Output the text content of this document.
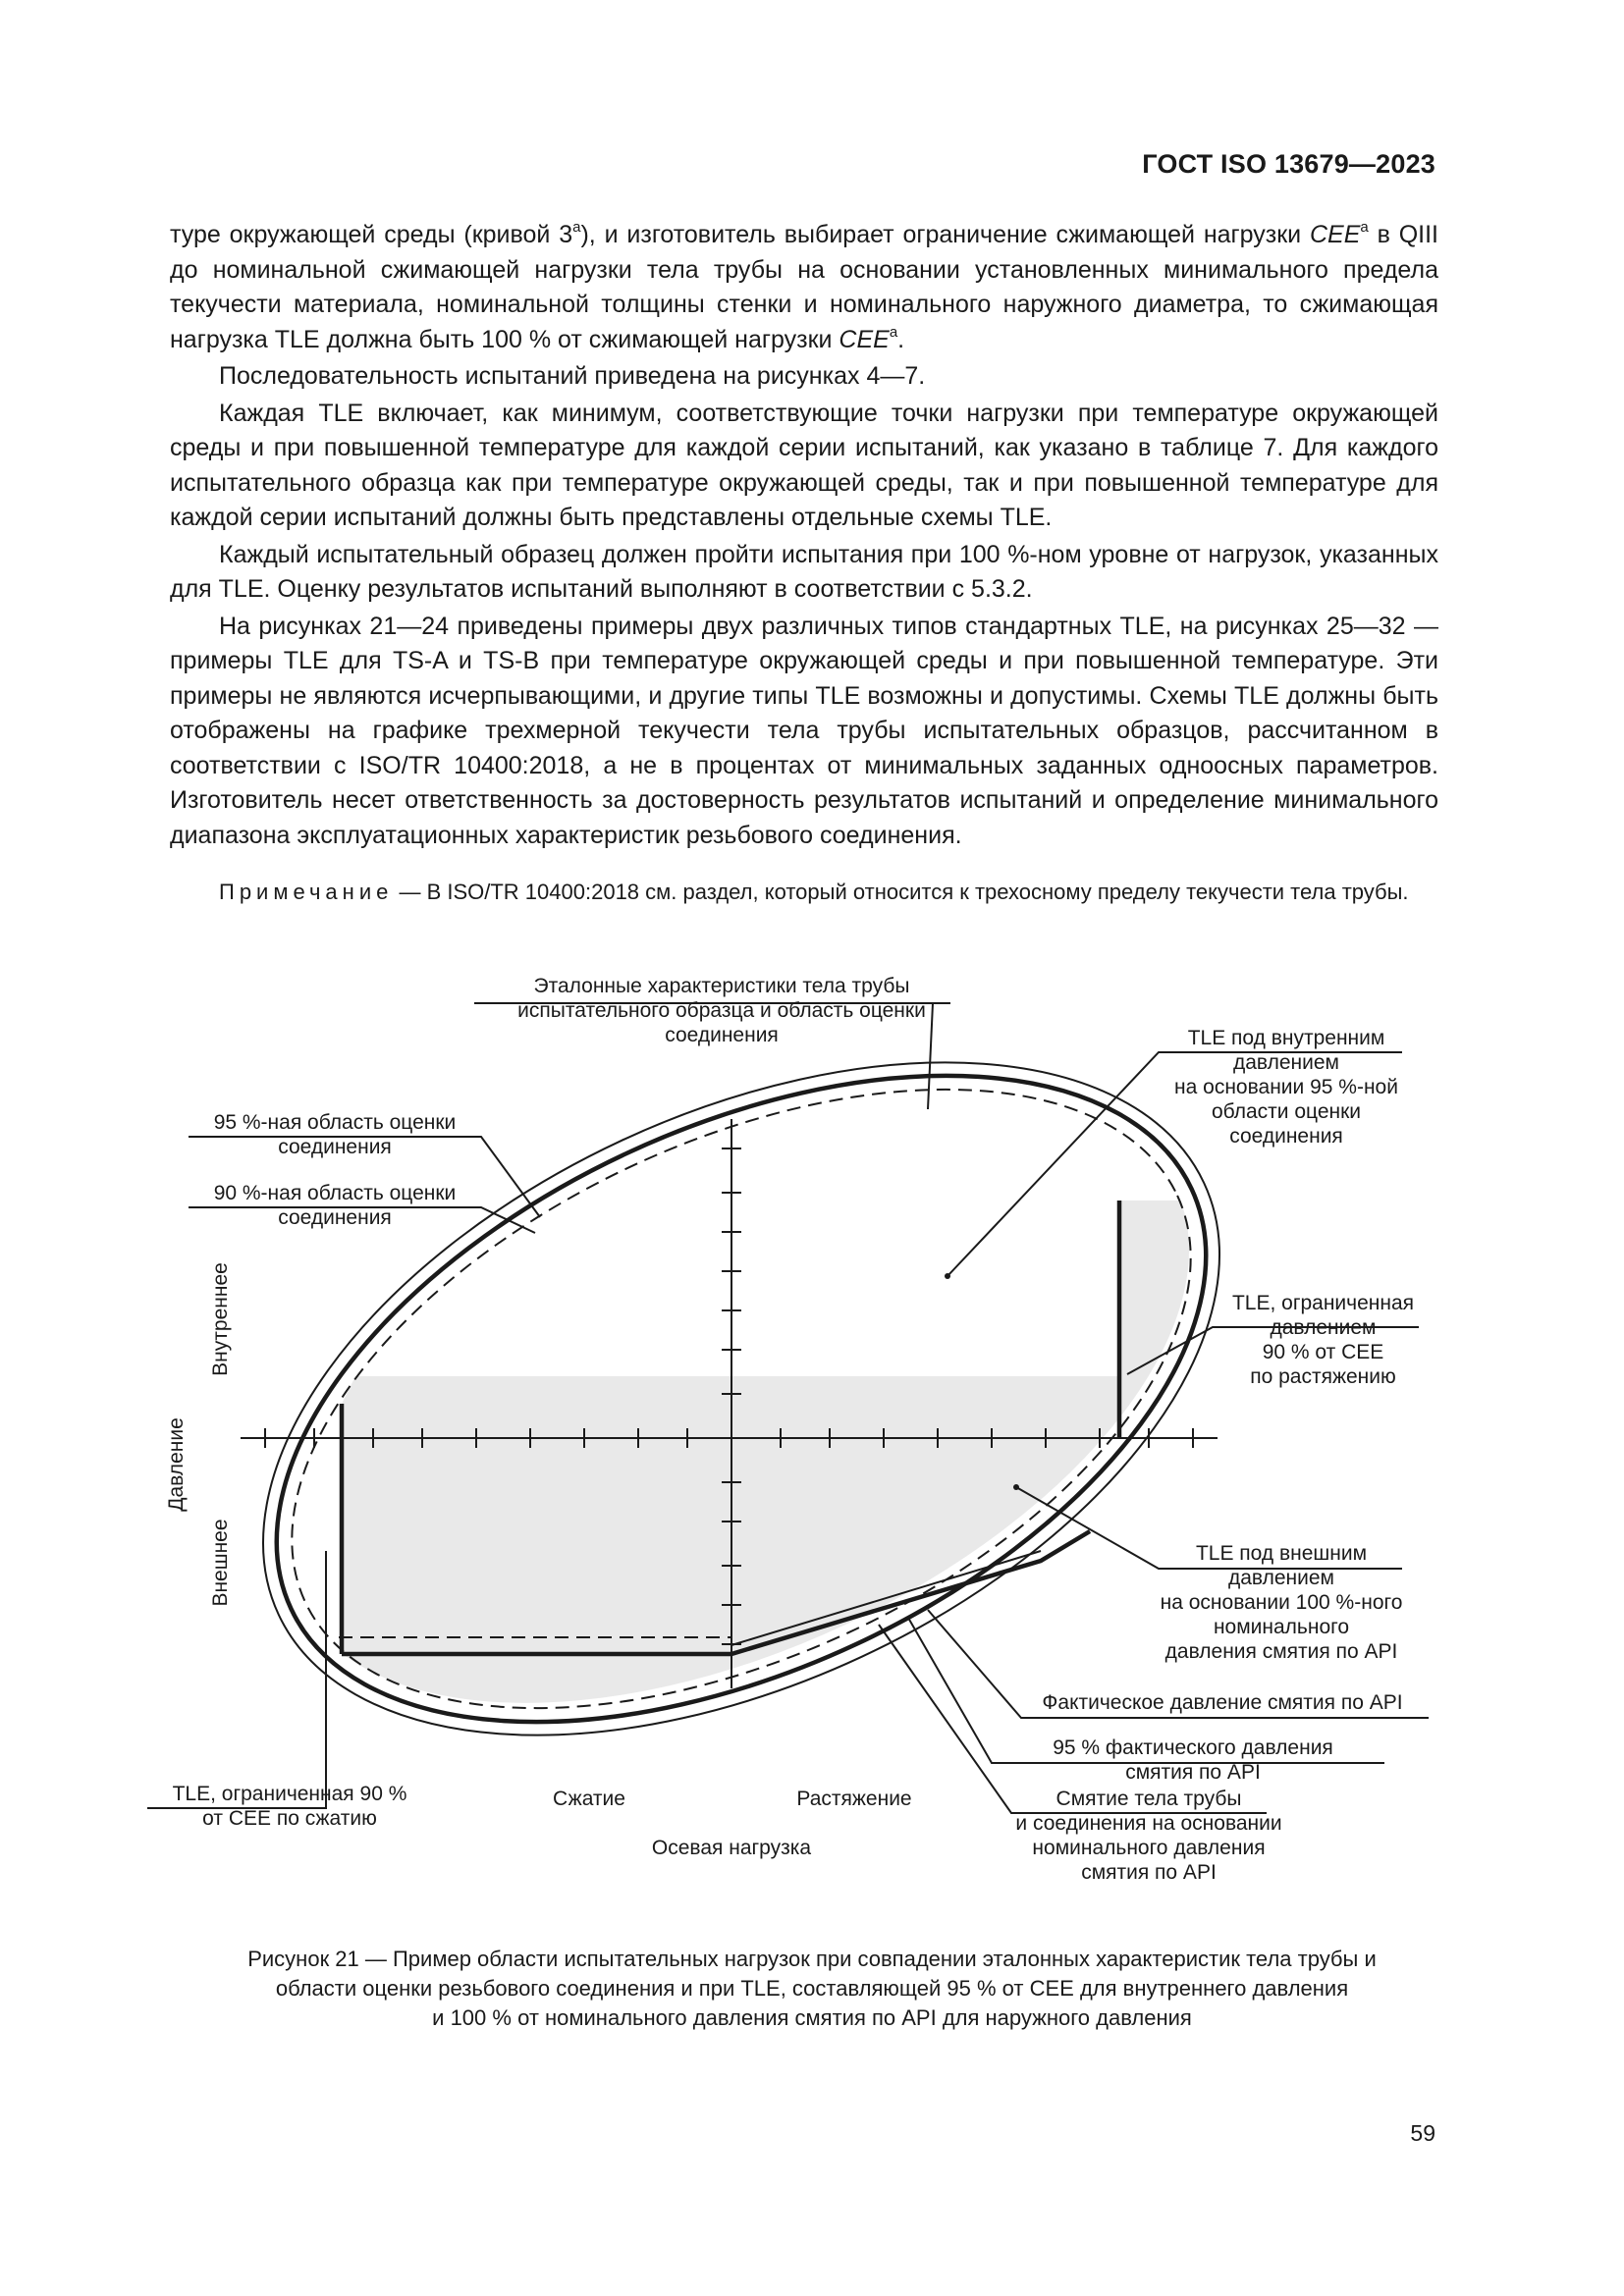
ГОСТ ISO 13679—2023

туре окружающей среды (кривой $3^а$), и изготовитель выбирает ограничение сжимающей нагрузки $CEE^а$ в QIII до номинальной сжимающей нагрузки тела трубы на основании установленных минимального предела текучести материала, номинальной толщины стенки и номинального наружного диаметра, то сжимающая нагрузка TLE должна быть 100 % от сжимающей нагрузки $CEE^а$.

Последовательность испытаний приведена на рисунках 4—7.

Каждая TLE включает, как минимум, соответствующие точки нагрузки при температуре окружающей среды и при повышенной температуре для каждой серии испытаний, как указано в таблице 7. Для каждого испытательного образца как при температуре окружающей среды, так и при повышенной температуре для каждой серии испытаний должны быть представлены отдельные схемы TLE.

Каждый испытательный образец должен пройти испытания при 100 %-ном уровне от нагрузок, указанных для TLE. Оценку результатов испытаний выполняют в соответствии с 5.3.2.

На рисунках 21—24 приведены примеры двух различных типов стандартных TLE, на рисунках 25—32 — примеры TLE для TS-A и TS-B при температуре окружающей среды и при повышенной температуре. Эти примеры не являются исчерпывающими, и другие типы TLE возможны и допустимы. Схемы TLE должны быть отображены на графике трехмерной текучести тела трубы испытательных образцов, рассчитанном в соответствии с ISO/TR 10400:2018, а не в процентах от минимальных заданных одноосных параметров. Изготовитель несет ответственность за достоверность результатов испытаний и определение минимального диапазона эксплуатационных характеристик резьбового соединения.

Примечание — В ISO/TR 10400:2018 см. раздел, который относится к трехосному пределу текучести тела трубы.
Эталонные характеристики тела трубы
испытательного образца и область оценки
соединения
95 %-ная область оценки
соединения
90 %-ная область оценки
соединения
TLE под внутренним
давлением
на основании 95 %-ной
области оценки
соединения
TLE, ограниченная
давлением
90 % от CEE
по растяжению
TLE под внешним
давлением
на основании 100 %-ного
номинального
давления смятия по API
Фактическое давление смятия по API
95 % фактического давления
смятия по API
Смятие тела трубы
и соединения на основании
номинального давления
смятия по API
TLE, ограниченная 90 %
от CEE по сжатию
Сжатие	Растяжение
Осевая нагрузка
Давление
Внутреннее
Внешнее
Рисунок 21 — Пример области испытательных нагрузок при совпадении эталонных характеристик тела трубы и
области оценки резьбового соединения и при TLE, составляющей 95 % от CEE для внутреннего давления
и 100 % от номинального давления смятия по API для наружного давления
59
